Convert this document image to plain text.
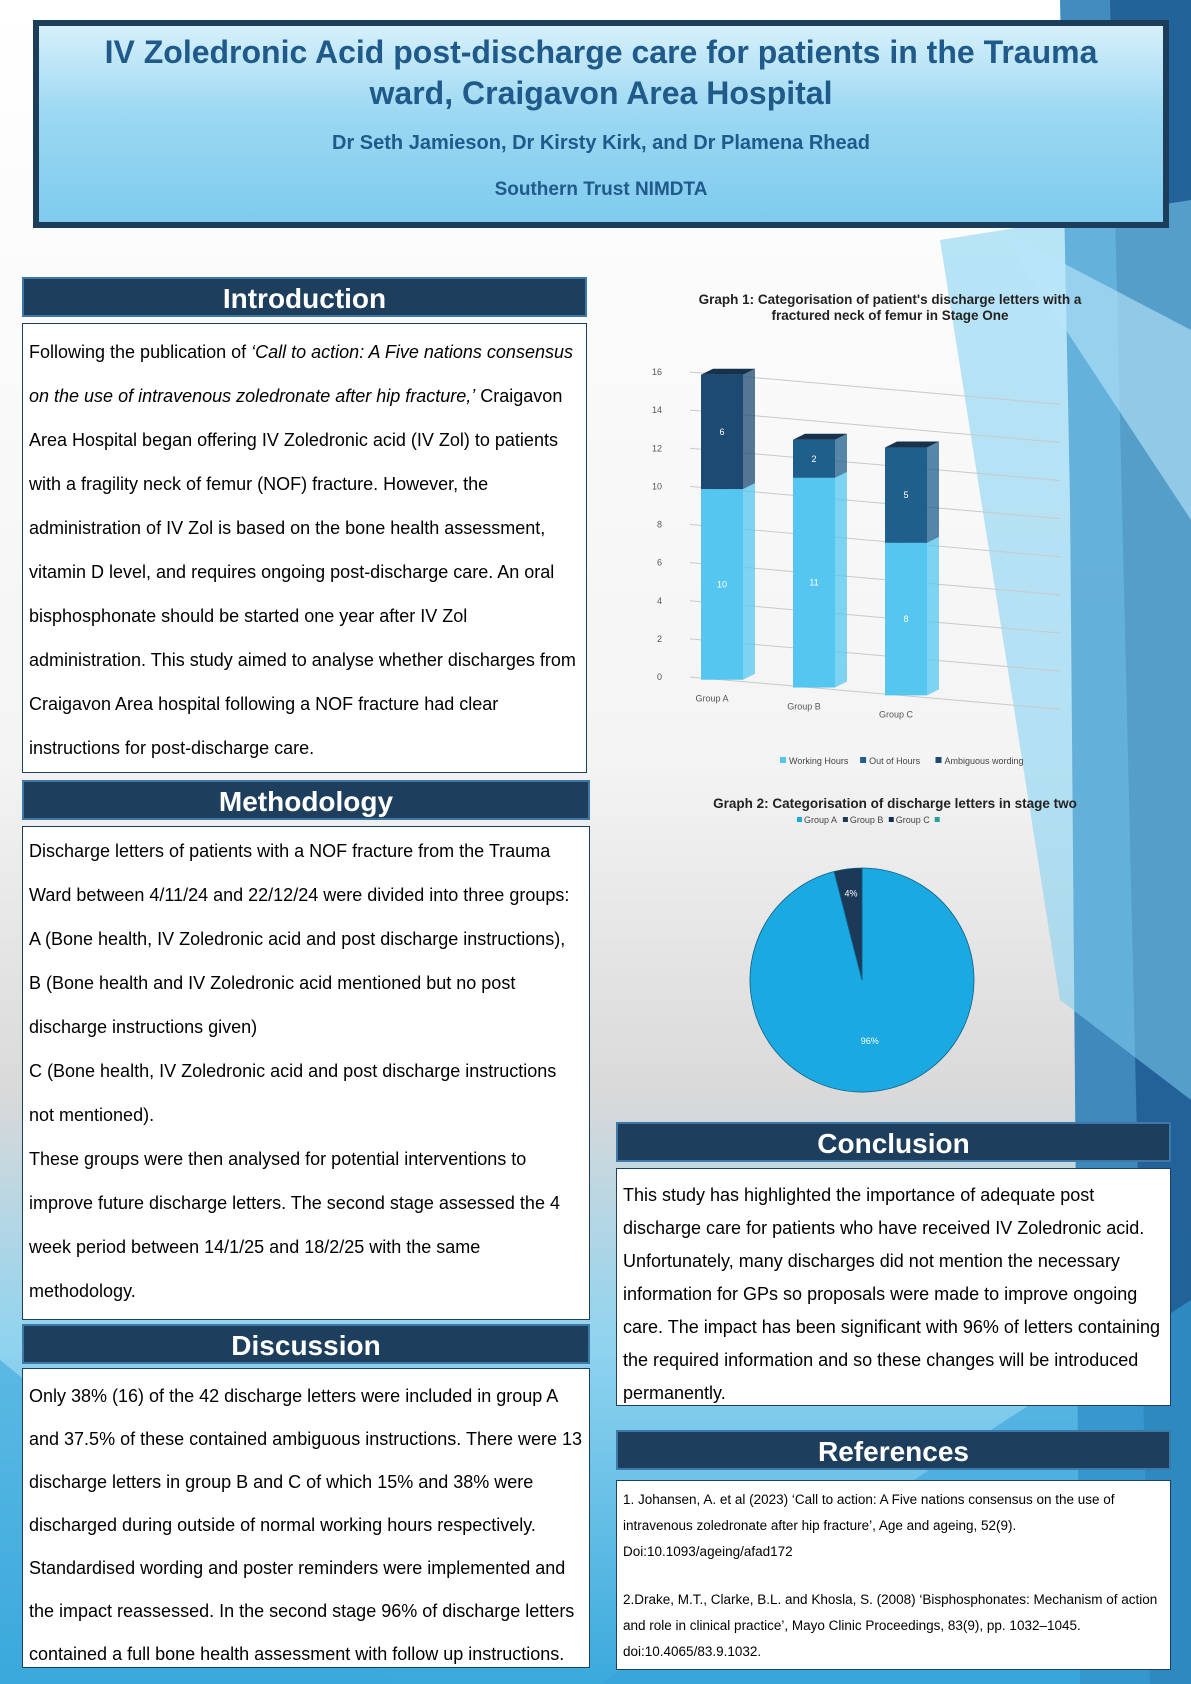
IV Zoledronic Acid post-discharge care for patients in the Trauma ward, Craigavon Area Hospital
Dr Seth Jamieson, Dr Kirsty Kirk, and Dr Plamena Rhead
Southern Trust NIMDTA
Introduction
Following the publication of ‘Call to action: A Five nations consensus on the use of intravenous zoledronate after hip fracture,’ Craigavon Area Hospital began offering IV Zoledronic acid (IV Zol) to patients with a fragility neck of femur (NOF) fracture. However, the administration of IV Zol is based on the bone health assessment, vitamin D level, and requires ongoing post-discharge care. An oral bisphosphonate should be started one year after IV Zol administration. This study aimed to analyse whether discharges from Craigavon Area hospital following a NOF fracture had clear instructions for post-discharge care.
Methodology
Discharge letters of patients with a NOF fracture from the Trauma Ward between 4/11/24 and 22/12/24 were divided into three groups:
A (Bone health, IV Zoledronic acid and post discharge instructions),
B (Bone health and IV Zoledronic acid mentioned but no post discharge instructions given)
C (Bone health, IV Zoledronic acid and post discharge instructions not mentioned).
These groups were then analysed for potential interventions to improve future discharge letters. The second stage assessed the 4 week period between 14/1/25 and 18/2/25 with the same methodology.
Discussion
Only 38% (16) of the 42 discharge letters were included in group A and 37.5% of these contained ambiguous instructions. There were 13 discharge letters in group B and C of which 15% and 38% were discharged during outside of normal working hours respectively. Standardised wording and poster reminders were implemented and the impact reassessed. In the second stage 96% of discharge letters contained a full bone health assessment with follow up instructions.
Graph 1: Categorisation of patient's discharge letters with a fractured neck of femur in Stage One
0
2
4
6
8
10
12
14
16
10
6
Group A
11
2
Group B
8
5
Group C
Working Hours Out of Hours	Ambiguous wording
Graph 2: Categorisation of discharge letters in stage two
Group A Group B Group C
96%
4%
Conclusion
This study has highlighted the importance of adequate post discharge care for patients who have received IV Zoledronic acid. Unfortunately, many discharges did not mention the necessary information for GPs so proposals were made to improve ongoing care. The impact has been significant with 96% of letters containing the required information and so these changes will be introduced permanently.
References
1. Johansen, A. et al (2023) ‘Call to action: A Five nations consensus on the use of intravenous zoledronate after hip fracture’, Age and ageing, 52(9). Doi:10.1093/ageing/afad172
2.Drake, M.T., Clarke, B.L. and Khosla, S. (2008) ‘Bisphosphonates: Mechanism of action and role in clinical practice’, Mayo Clinic Proceedings, 83(9), pp. 1032–1045. doi:10.4065/83.9.1032.
